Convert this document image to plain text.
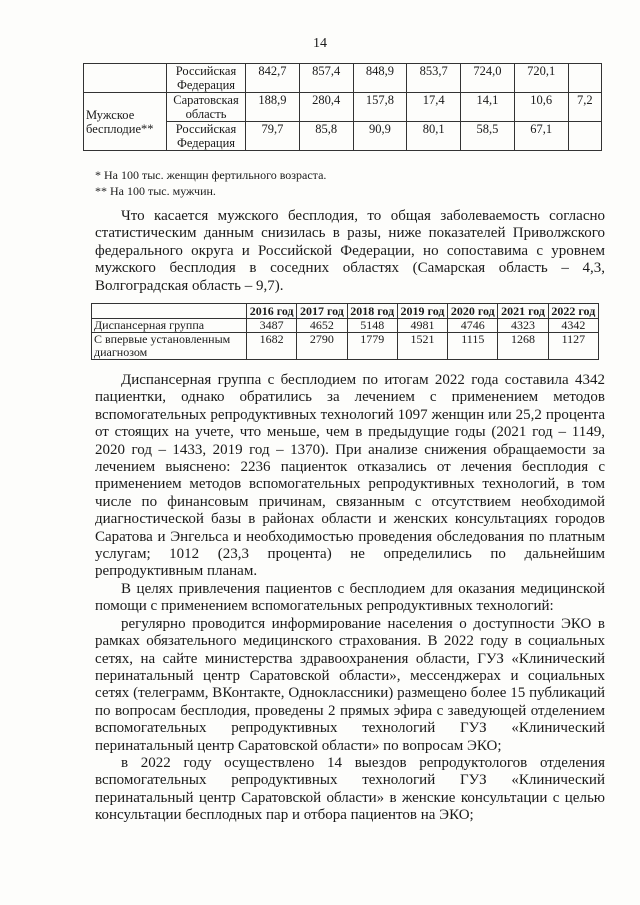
14
	Российская Федерация	842,7	857,4	848,9	853,7	724,0	720,1	
Мужское бесплодие**	Саратовская область	188,9	280,4	157,8	17,4	14,1	10,6	7,2
	Российская Федерация	79,7	85,8	90,9	80,1	58,5	67,1	
* На 100 тыс. женщин фертильного возраста.
** На 100 тыс. мужчин.

Что касается мужского бесплодия, то общая заболеваемость согласно статистическим данным снизилась в разы, ниже показателей Приволжского федерального округа и Российской Федерации, но сопоставима с уровнем мужского бесплодия в соседних областях (Самарская область – 4,3, Волгоградская область – 9,7).

	2016 год	2017 год	2018 год	2019 год	2020 год	2021 год	2022 год
Диспансерная группа	3487	4652	5148	4981	4746	4323	4342
С впервые установленным диагнозом	1682	2790	1779	1521	1115	1268	1127

Диспансерная группа с бесплодием по итогам 2022 года составила 4342 пациентки, однако обратились за лечением с применением методов вспомогательных репродуктивных технологий 1097 женщин или 25,2 процента от стоящих на учете, что меньше, чем в предыдущие годы (2021 год – 1149, 2020 год – 1433, 2019 год – 1370). При анализе снижения обращаемости за лечением выяснено: 2236 пациенток отказались от лечения бесплодия с применением методов вспомогательных репродуктивных технологий, в том числе по финансовым причинам, связанным с отсутствием необходимой диагностической базы в районах области и женских консультациях городов Саратова и Энгельса и необходимостью проведения обследования по платным услугам; 1012 (23,3 процента) не определились по дальнейшим репродуктивным планам.

В целях привлечения пациентов с бесплодием для оказания медицинской помощи с применением вспомогательных репродуктивных технологий:

регулярно проводится информирование населения о доступности ЭКО в рамках обязательного медицинского страхования. В 2022 году в социальных сетях, на сайте министерства здравоохранения области, ГУЗ «Клинический перинатальный центр Саратовской области», мессенджерах и социальных сетях (телеграмм, ВКонтакте, Одноклассники) размещено более 15 публикаций по вопросам бесплодия, проведены 2 прямых эфира с заведующей отделением вспомогательных репродуктивных технологий ГУЗ «Клинический перинатальный центр Саратовской области» по вопросам ЭКО;

в 2022 году осуществлено 14 выездов репродуктологов отделения вспомогательных репродуктивных технологий ГУЗ «Клинический перинатальный центр Саратовской области» в женские консультации с целью консультации бесплодных пар и отбора пациентов на ЭКО;
